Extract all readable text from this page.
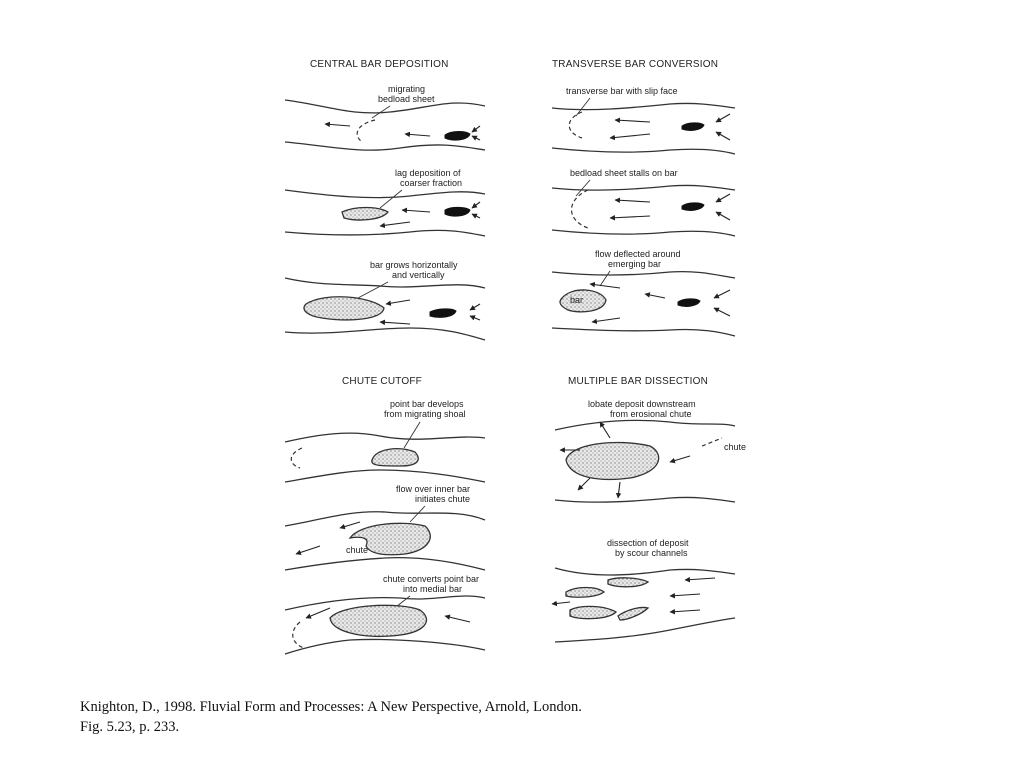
CENTRAL BAR DEPOSITION
migrating
bedload sheet
lag deposition of
coarser fraction
bar grows horizontally
and vertically
TRANSVERSE BAR CONVERSION
transverse bar with slip face
bedload sheet stalls on bar
flow deflected around
emerging bar
bar
CHUTE CUTOFF
point bar develops
from migrating shoal
flow over inner bar
initiates chute
chute
chute converts point bar
into medial bar
MULTIPLE BAR DISSECTION
lobate deposit downstream
from erosional chute
chute
dissection of deposit
by scour channels
Knighton, D., 1998. Fluvial Form and Processes: A New Perspective, Arnold, London.
Fig. 5.23, p. 233.
